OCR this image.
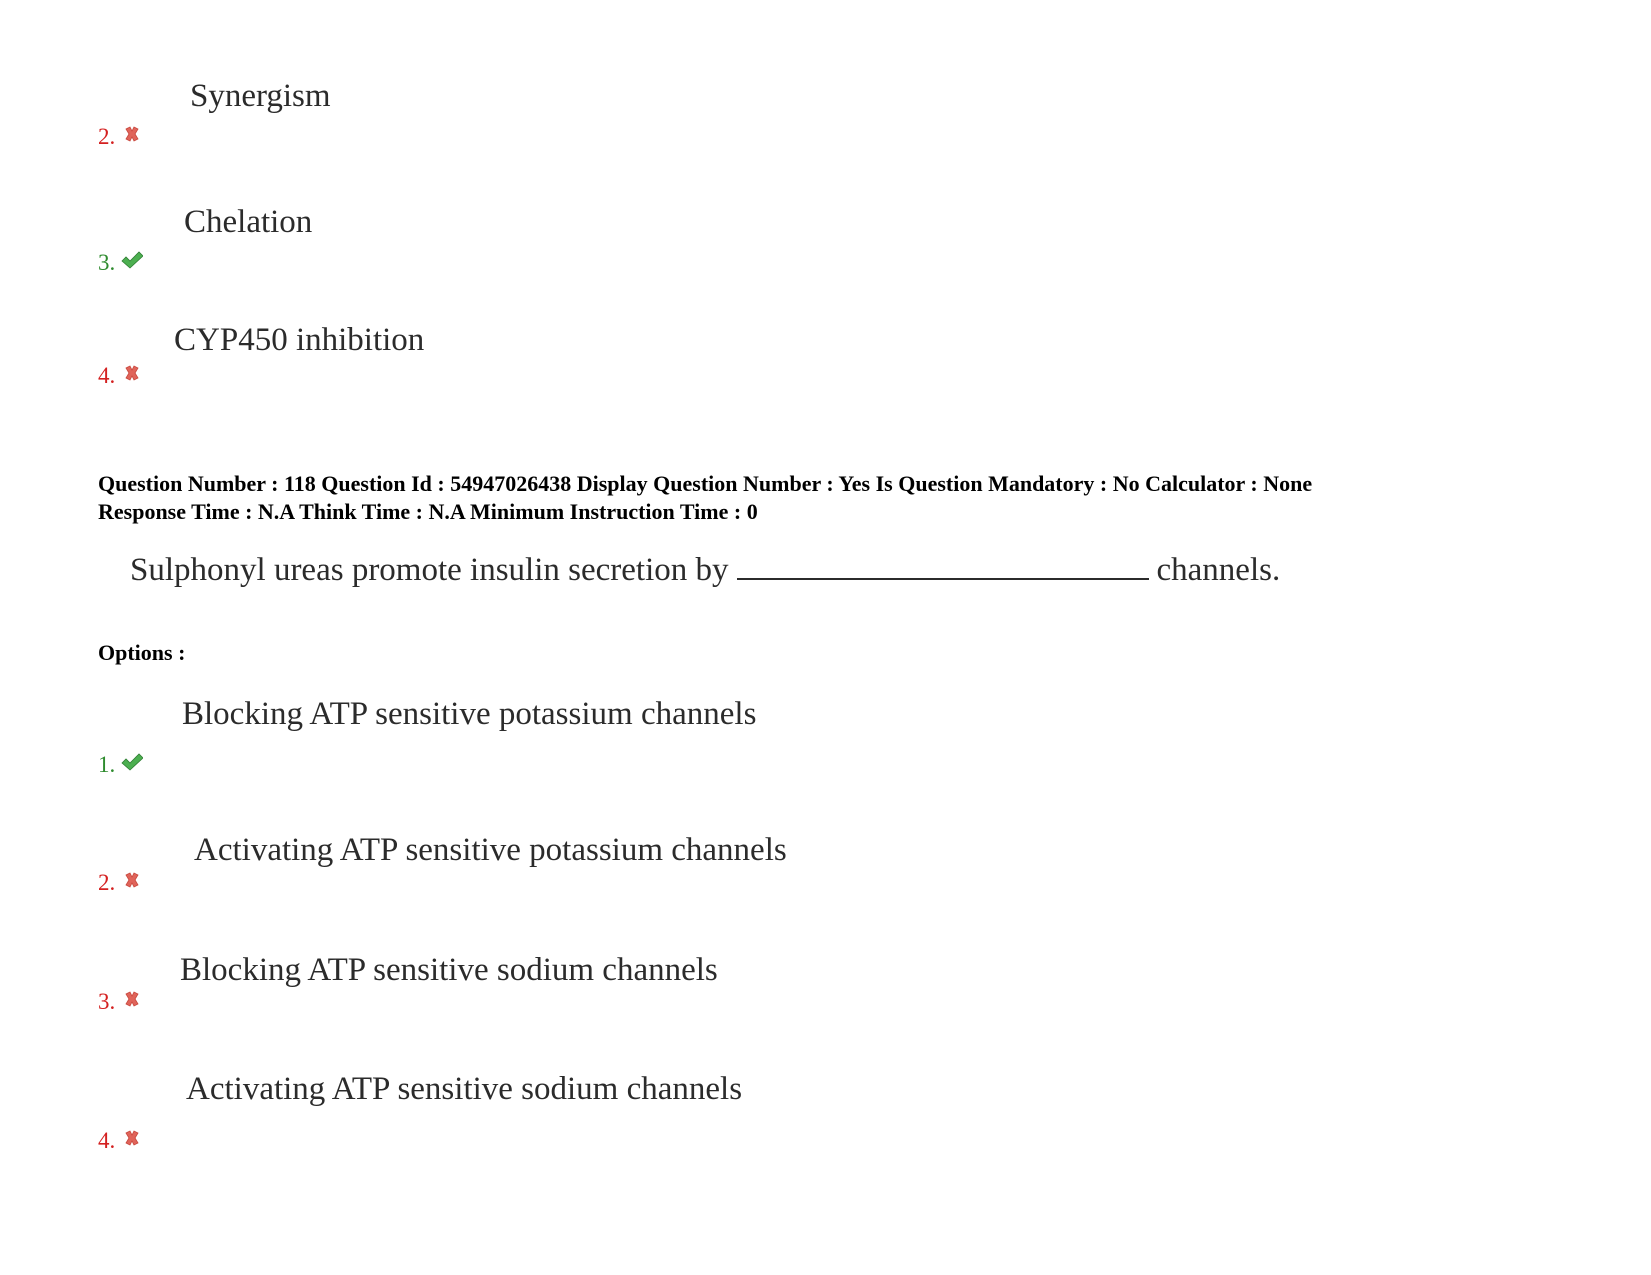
Synergism
2.
Chelation
3.
CYP450 inhibition
4.
Question Number : 118 Question Id : 54947026438 Display Question Number : Yes Is Question Mandatory : No Calculator : None
Response Time : N.A Think Time : N.A Minimum Instruction Time : 0
Sulphonyl ureas promote insulin secretion by	channels.
Options :
Blocking ATP sensitive potassium channels
1.
Activating ATP sensitive potassium channels
2.
Blocking ATP sensitive sodium channels
3.
Activating ATP sensitive sodium channels
4.
